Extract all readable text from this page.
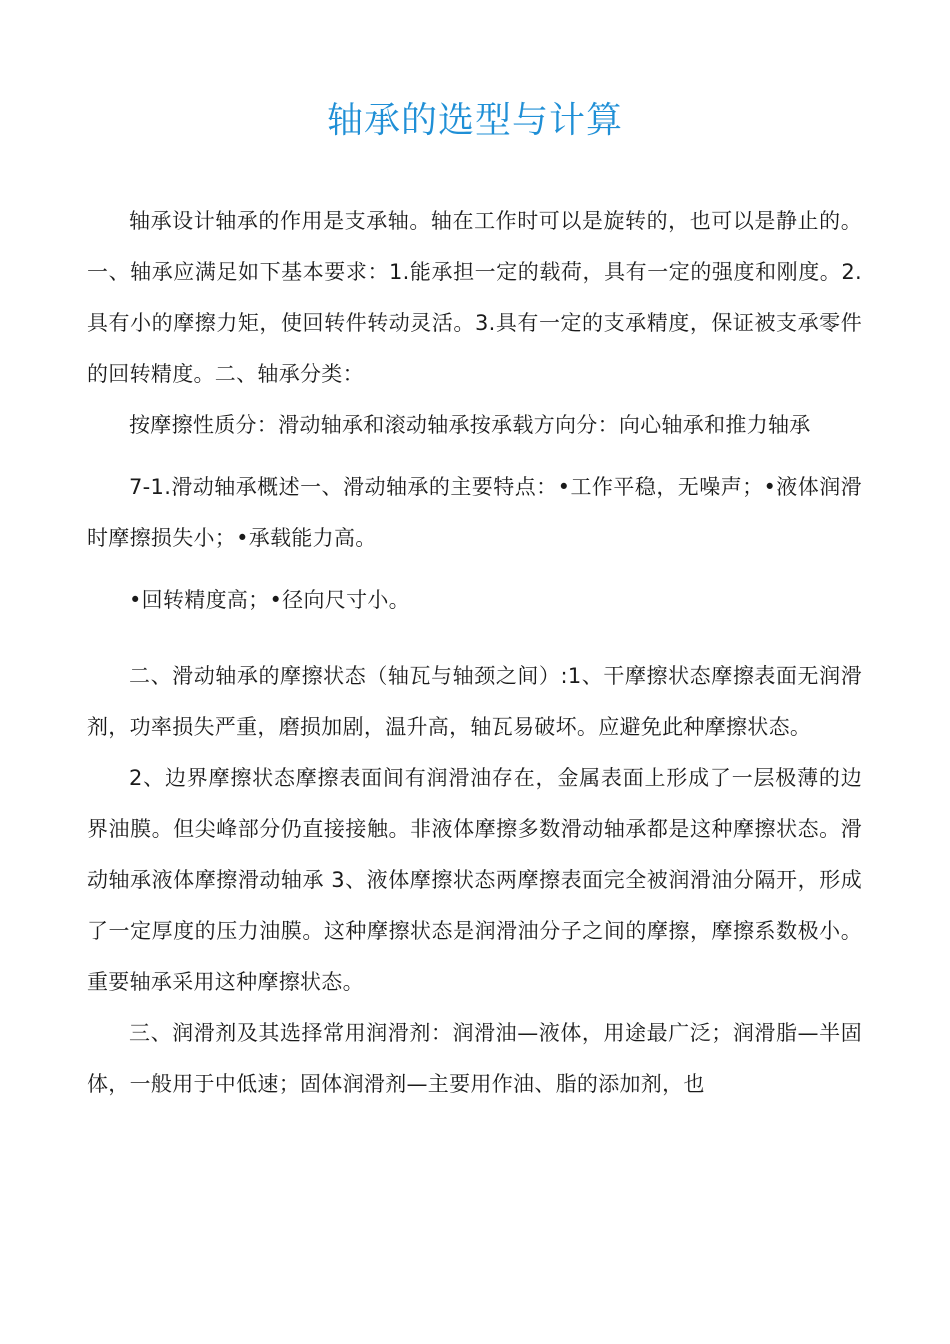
轴承的选型与计算

轴承设计轴承的作用是支承轴。轴在工作时可以是旋转的，也可以是静止的。一、轴承应满足如下基本要求：1.能承担一定的载荷，具有一定的强度和刚度。2.具有小的摩擦力矩，使回转件转动灵活。3.具有一定的支承精度，保证被支承零件的回转精度。二、轴承分类：

按摩擦性质分：滑动轴承和滚动轴承按承载方向分：向心轴承和推力轴承

7-1.滑动轴承概述一、滑动轴承的主要特点：•工作平稳，无噪声；•液体润滑时摩擦损失小；•承载能力高。

•回转精度高；•径向尺寸小。

二、滑动轴承的摩擦状态（轴瓦与轴颈之间）:1、干摩擦状态摩擦表面无润滑剂，功率损失严重，磨损加剧，温升高，轴瓦易破坏。应避免此种摩擦状态。

2、边界摩擦状态摩擦表面间有润滑油存在，金属表面上形成了一层极薄的边界油膜。但尖峰部分仍直接接触。非液体摩擦多数滑动轴承都是这种摩擦状态。滑动轴承液体摩擦滑动轴承 3、液体摩擦状态两摩擦表面完全被润滑油分隔开，形成了一定厚度的压力油膜。这种摩擦状态是润滑油分子之间的摩擦，摩擦系数极小。重要轴承采用这种摩擦状态。

三、润滑剂及其选择常用润滑剂：润滑油—液体，用途最广泛；润滑脂—半固体，一般用于中低速；固体润滑剂—主要用作油、脂的添加剂，也
